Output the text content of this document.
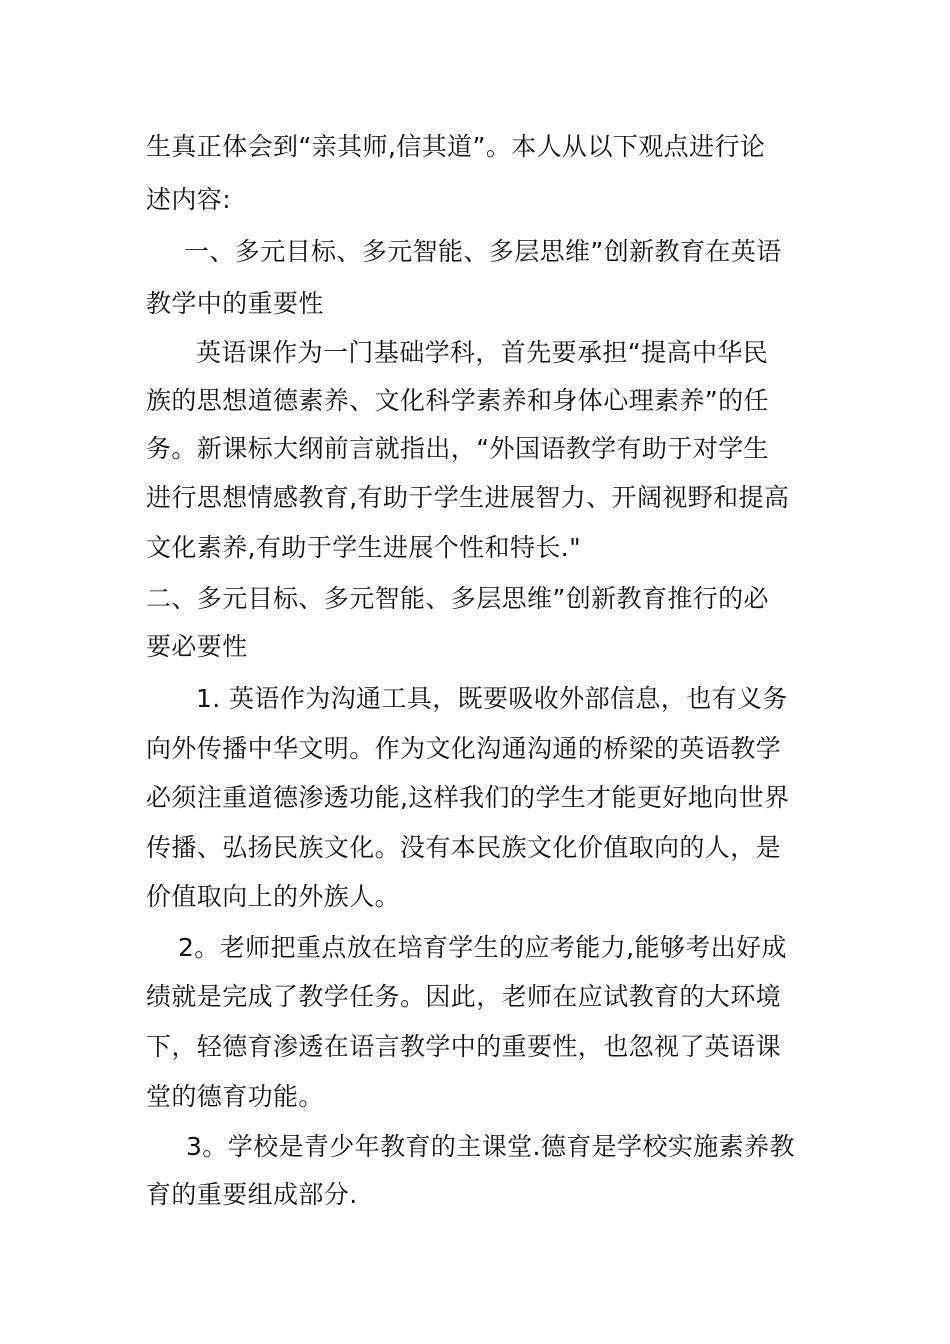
生真正体会到“亲其师,信其道”。本人从以下观点进行论
述内容:
一、多元目标、多元智能、多层思维”创新教育在英语
教学中的重要性
英语课作为一门基础学科，首先要承担“提高中华民
族的思想道德素养、文化科学素养和身体心理素养”的任
务。新课标大纲前言就指出，“外国语教学有助于对学生
进行思想情感教育,有助于学生进展智力、开阔视野和提高
文化素养,有助于学生进展个性和特长."
二、多元目标、多元智能、多层思维”创新教育推行的必
要必要性
1. 英语作为沟通工具，既要吸收外部信息，也有义务
向外传播中华文明。作为文化沟通沟通的桥梁的英语教学
必须注重道德渗透功能,这样我们的学生才能更好地向世界
传播、弘扬民族文化。没有本民族文化价值取向的人，是
价值取向上的外族人。
2。老师把重点放在培育学生的应考能力,能够考出好成
绩就是完成了教学任务。因此，老师在应试教育的大环境
下，轻德育渗透在语言教学中的重要性，也忽视了英语课
堂的德育功能。
3。学校是青少年教育的主课堂.德育是学校实施素养教
育的重要组成部分.
